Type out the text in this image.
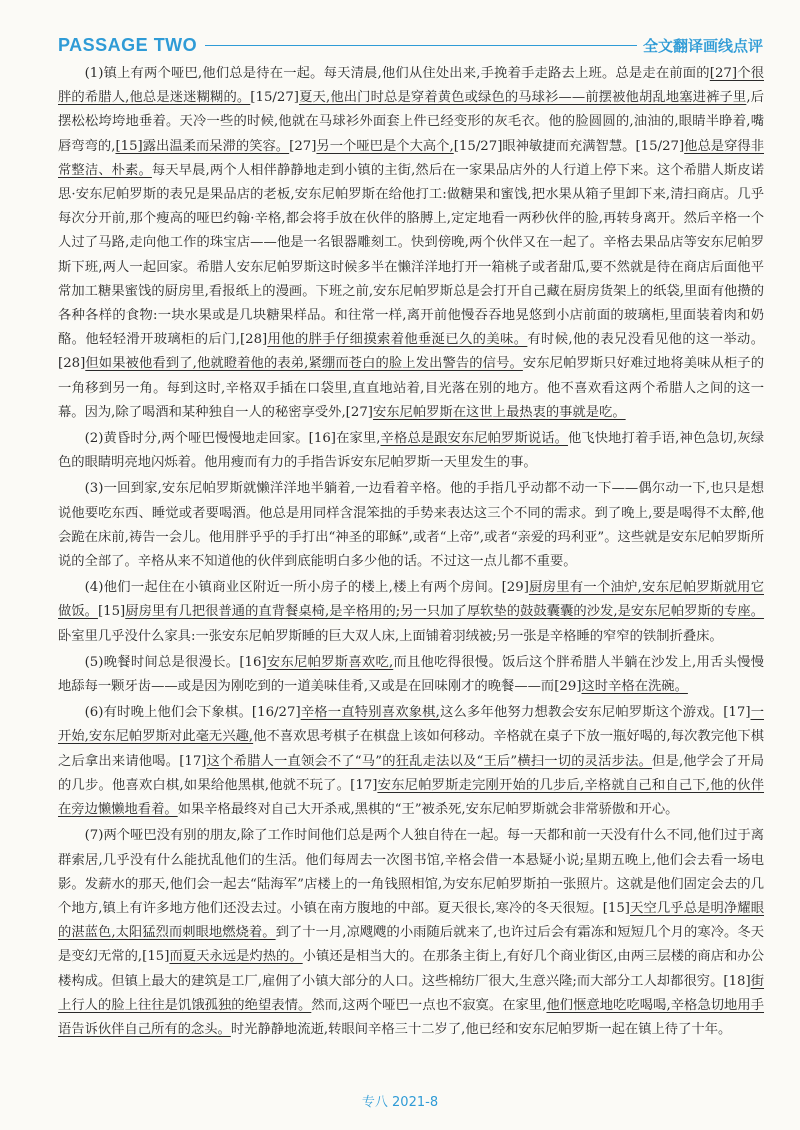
PASSAGE TWO	全文翻译画线点评

(1)镇上有两个哑巴,他们总是待在一起。每天清晨,他们从住处出来,手挽着手走路去上班。总是走在前面的[27]个很胖的希腊人,他总是迷迷糊糊的。[15/27]夏天,他出门时总是穿着黄色或绿色的马球衫——前摆被他胡乱地塞进裤子里,后摆松松垮垮地垂着。天冷一些的时候,他就在马球衫外面套上件已经变形的灰毛衣。他的脸圆圆的,油油的,眼睛半睁着,嘴唇弯弯的,[15]露出温柔而呆滞的笑容。[27]另一个哑巴是个大高个,[15/27]眼神敏捷而充满智慧。[15/27]他总是穿得非常整洁、朴素。每天早晨,两个人相伴静静地走到小镇的主街,然后在一家果品店外的人行道上停下来。这个希腊人斯皮诺思·安东尼帕罗斯的表兄是果品店的老板,安东尼帕罗斯在给他打工:做糖果和蜜饯,把水果从箱子里卸下来,清扫商店。几乎每次分开前,那个瘦高的哑巴约翰·辛格,都会将手放在伙伴的胳膊上,定定地看一两秒伙伴的脸,再转身离开。然后辛格一个人过了马路,走向他工作的珠宝店——他是一名银器雕刻工。快到傍晚,两个伙伴又在一起了。辛格去果品店等安东尼帕罗斯下班,两人一起回家。希腊人安东尼帕罗斯这时候多半在懒洋洋地打开一箱桃子或者甜瓜,要不然就是待在商店后面他平常加工糖果蜜饯的厨房里,看报纸上的漫画。下班之前,安东尼帕罗斯总是会打开自己藏在厨房货架上的纸袋,里面有他攒的各种各样的食物:一块水果或是几块糖果样品。和往常一样,离开前他慢吞吞地晃悠到小店前面的玻璃柜,里面装着肉和奶酪。他轻轻滑开玻璃柜的后门,[28]用他的胖手仔细摸索着他垂涎已久的美味。有时候,他的表兄没看见他的这一举动。[28]但如果被他看到了,他就瞪着他的表弟,紧绷而苍白的脸上发出警告的信号。安东尼帕罗斯只好难过地将美味从柜子的一角移到另一角。每到这时,辛格双手插在口袋里,直直地站着,目光落在别的地方。他不喜欢看这两个希腊人之间的这一幕。因为,除了喝酒和某种独自一人的秘密享受外,[27]安东尼帕罗斯在这世上最热衷的事就是吃。

(2)黄昏时分,两个哑巴慢慢地走回家。[16]在家里,辛格总是跟安东尼帕罗斯说话。他飞快地打着手语,神色急切,灰绿色的眼睛明亮地闪烁着。他用瘦而有力的手指告诉安东尼帕罗斯一天里发生的事。

(3)一回到家,安东尼帕罗斯就懒洋洋地半躺着,一边看着辛格。他的手指几乎动都不动一下——偶尔动一下,也只是想说他要吃东西、睡觉或者要喝酒。他总是用同样含混笨拙的手势来表达这三个不同的需求。到了晚上,要是喝得不太醉,他会跪在床前,祷告一会儿。他用胖乎乎的手打出“神圣的耶稣”,或者“上帝”,或者“亲爱的玛利亚”。这些就是安东尼帕罗斯所说的全部了。辛格从来不知道他的伙伴到底能明白多少他的话。不过这一点儿都不重要。

(4)他们一起住在小镇商业区附近一所小房子的楼上,楼上有两个房间。[29]厨房里有一个油炉,安东尼帕罗斯就用它做饭。[15]厨房里有几把很普通的直背餐桌椅,是辛格用的;另一只加了厚软垫的鼓鼓囊囊的沙发,是安东尼帕罗斯的专座。卧室里几乎没什么家具:一张安东尼帕罗斯睡的巨大双人床,上面铺着羽绒被;另一张是辛格睡的窄窄的铁制折叠床。

(5)晚餐时间总是很漫长。[16]安东尼帕罗斯喜欢吃,而且他吃得很慢。饭后这个胖希腊人半躺在沙发上,用舌头慢慢地舔每一颗牙齿——或是因为刚吃到的一道美味佳肴,又或是在回味刚才的晚餐——而[29]这时辛格在洗碗。

(6)有时晚上他们会下象棋。[16/27]辛格一直特别喜欢象棋,这么多年他努力想教会安东尼帕罗斯这个游戏。[17]一开始,安东尼帕罗斯对此毫无兴趣,他不喜欢思考棋子在棋盘上该如何移动。辛格就在桌子下放一瓶好喝的,每次教完他下棋之后拿出来请他喝。[17]这个希腊人一直领会不了“马”的狂乱走法以及“王后”横扫一切的灵活步法。但是,他学会了开局的几步。他喜欢白棋,如果给他黑棋,他就不玩了。[17]安东尼帕罗斯走完刚开始的几步后,辛格就自己和自己下,他的伙伴在旁边懒懒地看着。如果辛格最终对自己大开杀戒,黑棋的“王”被杀死,安东尼帕罗斯就会非常骄傲和开心。

(7)两个哑巴没有别的朋友,除了工作时间他们总是两个人独自待在一起。每一天都和前一天没有什么不同,他们过于离群索居,几乎没有什么能扰乱他们的生活。他们每周去一次图书馆,辛格会借一本悬疑小说;星期五晚上,他们会去看一场电影。发薪水的那天,他们会一起去“陆海军”店楼上的一角钱照相馆,为安东尼帕罗斯拍一张照片。这就是他们固定会去的几个地方,镇上有许多地方他们还没去过。小镇在南方腹地的中部。夏天很长,寒冷的冬天很短。[15]天空几乎总是明净耀眼的湛蓝色,太阳猛烈而刺眼地燃烧着。到了十一月,凉飕飕的小雨随后就来了,也许过后会有霜冻和短短几个月的寒冷。冬天是变幻无常的,[15]而夏天永远是灼热的。小镇还是相当大的。在那条主街上,有好几个商业街区,由两三层楼的商店和办公楼构成。但镇上最大的建筑是工厂,雇佣了小镇大部分的人口。这些棉纺厂很大,生意兴隆;而大部分工人却都很穷。[18]街上行人的脸上往往是饥饿孤独的绝望表情。然而,这两个哑巴一点也不寂寞。在家里,他们惬意地吃吃喝喝,辛格急切地用手语告诉伙伴自己所有的念头。时光静静地流逝,转眼间辛格三十二岁了,他已经和安东尼帕罗斯一起在镇上待了十年。

专八 2021-8
